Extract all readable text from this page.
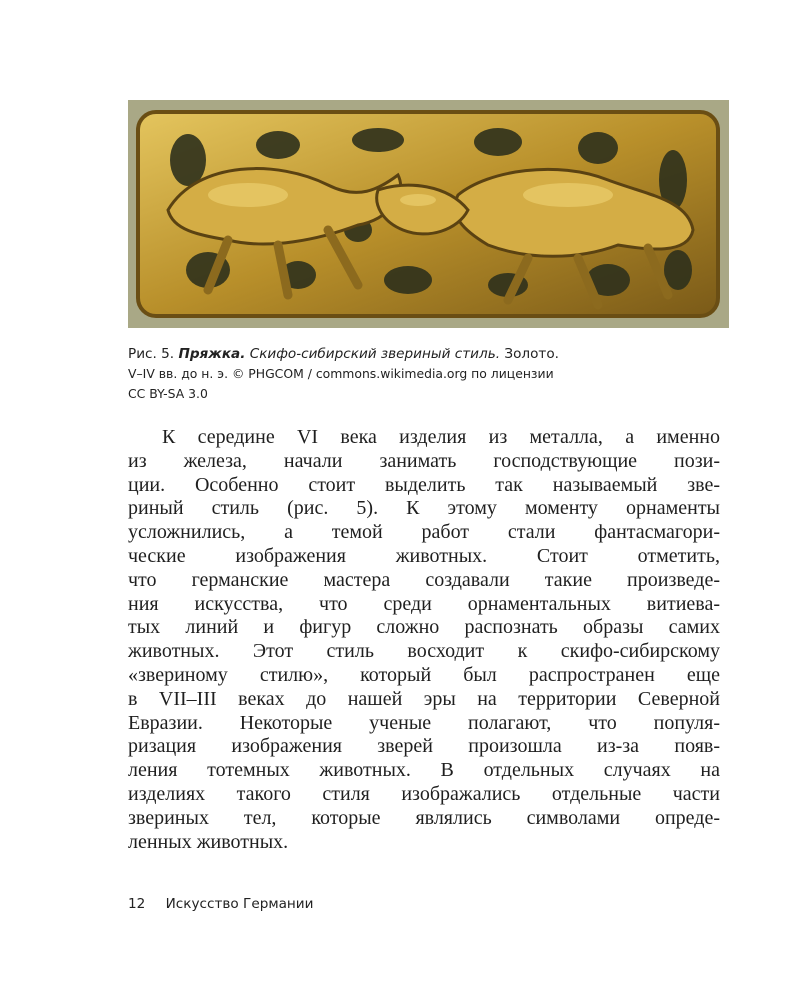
Рис. 5. Пряжка. Скифо-сибирский звериный стиль. Золото.
V–IV вв. до н. э. © PHGCOM / commons.wikimedia.org по лицензии
CC BY-SA 3.0
К середине VI века изделия из металла, а именно
из железа, начали занимать господствующие пози-
ции. Особенно стоит выделить так называемый зве-
риный стиль (рис. 5). К этому моменту орнаменты
усложнились, а темой работ стали фантасмагори-
ческие изображения животных. Стоит отметить,
что германские мастера создавали такие произведе-
ния искусства, что среди орнаментальных витиева-
тых линий и фигур сложно распознать образы самих
животных. Этот стиль восходит к скифо-сибирскому
«звериному стилю», который был распространен еще
в VII–III веках до нашей эры на территории Северной
Евразии. Некоторые ученые полагают, что популя-
ризация изображения зверей произошла из-за появ-
ления тотемных животных. В отдельных случаях на
изделиях такого стиля изображались отдельные части
звериных тел, которые являлись символами опреде-
ленных животных.
12 Искусство Германии
